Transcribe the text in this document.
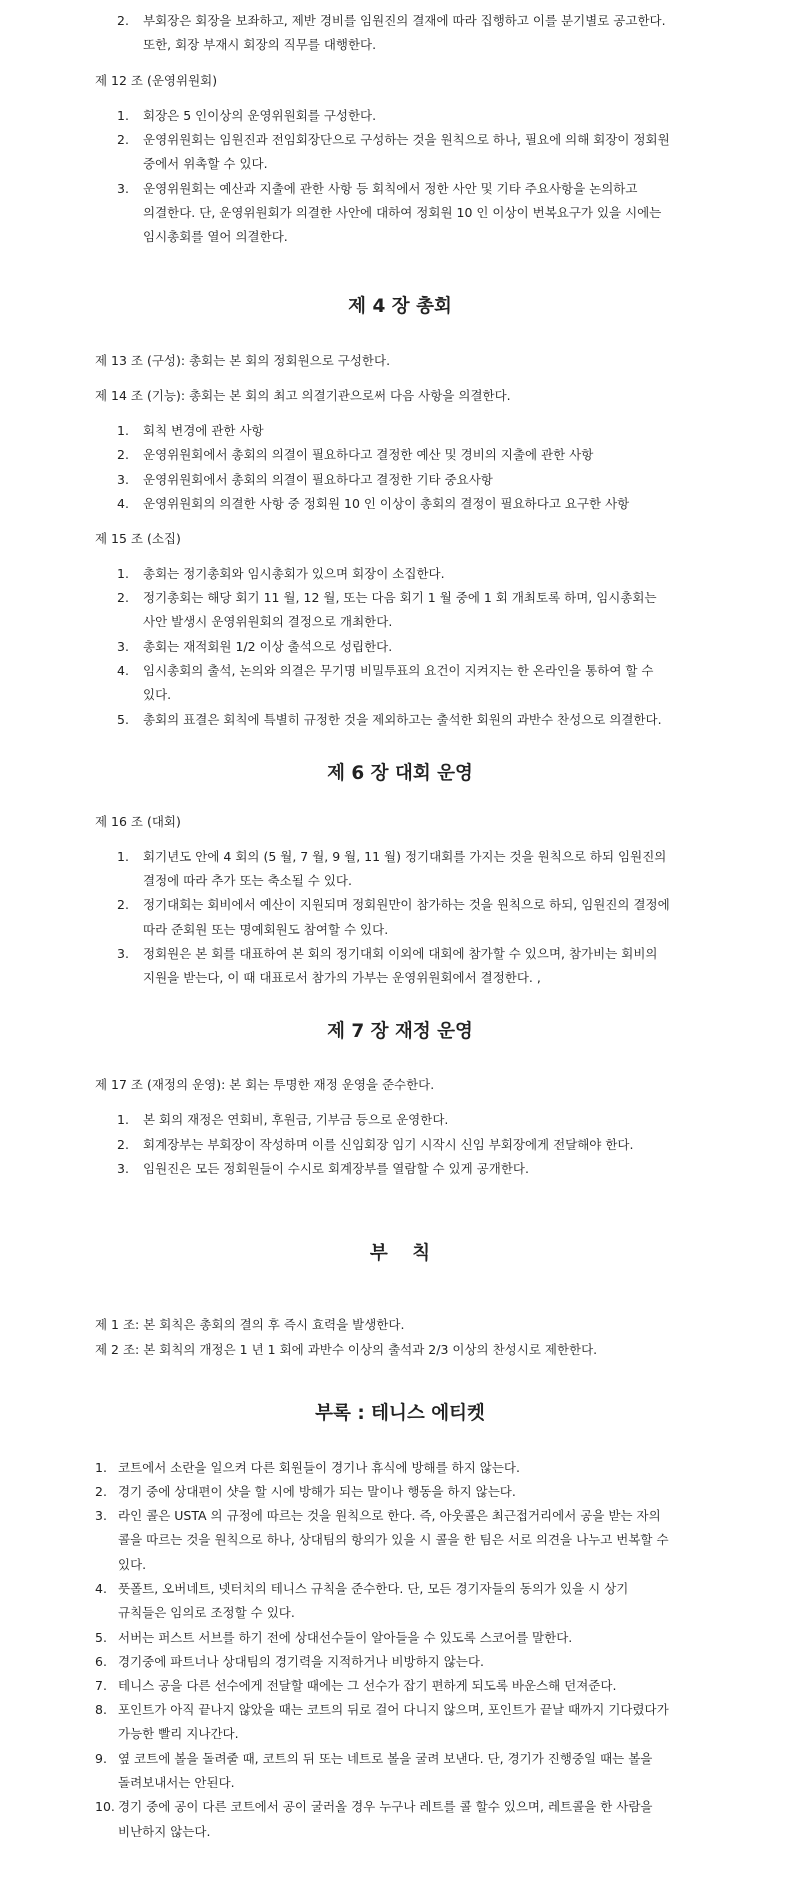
2. 부회장은 회장을 보좌하고, 제반 경비를 임원진의 결재에 따라 집행하고 이를 분기별로 공고한다.
또한, 회장 부재시 회장의 직무를 대행한다.
제 12 조 (운영위원회)
1. 회장은 5 인이상의 운영위원회를 구성한다.
2. 운영위원회는 임원진과 전임회장단으로 구성하는 것을 원칙으로 하나, 필요에 의해 회장이 정회원
중에서 위촉할 수 있다.
3. 운영위원회는 예산과 지출에 관한 사항 등 회칙에서 정한 사안 및 기타 주요사항을 논의하고
의결한다. 단, 운영위원회가 의결한 사안에 대하여 정회원 10 인 이상이 번복요구가 있을 시에는
임시총회를 열어 의결한다.
제 4 장 총회
제 13 조 (구성): 총회는 본 회의 정회원으로 구성한다.
제 14 조 (기능): 총회는 본 회의 최고 의결기관으로써 다음 사항을 의결한다.
1. 회칙 변경에 관한 사항
2. 운영위원회에서 총회의 의결이 필요하다고 결정한 예산 및 경비의 지출에 관한 사항
3. 운영위원회에서 총회의 의결이 필요하다고 결정한 기타 중요사항
4. 운영위원회의 의결한 사항 중 정회원 10 인 이상이 총회의 결정이 필요하다고 요구한 사항
제 15 조 (소집)
1. 총회는 정기총회와 임시총회가 있으며 회장이 소집한다.
2. 정기총회는 해당 회기 11 월, 12 월, 또는 다음 회기 1 월 중에 1 회 개최토록 하며, 임시총회는
사안 발생시 운영위원회의 결정으로 개최한다.
3. 총회는 재적회원 1/2 이상 출석으로 성립한다.
4. 임시총회의 출석, 논의와 의결은 무기명 비밀투표의 요건이 지켜지는 한 온라인을 통하여 할 수
있다.
5. 총회의 표결은 회칙에 특별히 규정한 것을 제외하고는 출석한 회원의 과반수 찬성으로 의결한다.
제 6 장 대회 운영
제 16 조 (대회)
1. 회기년도 안에 4 회의 (5 월, 7 월, 9 월, 11 월) 정기대회를 가지는 것을 원칙으로 하되 임원진의
결정에 따라 추가 또는 축소될 수 있다.
2. 정기대회는 회비에서 예산이 지원되며 정회원만이 참가하는 것을 원칙으로 하되, 임원진의 결정에
따라 준회원 또는 명예회원도 참여할 수 있다.
3. 정회원은 본 회를 대표하여 본 회의 정기대회 이외에 대회에 참가할 수 있으며, 참가비는 회비의
지원을 받는다, 이 때 대표로서 참가의 가부는 운영위원회에서 결정한다. ,
제 7 장 재정 운영
제 17 조 (재정의 운영): 본 회는 투명한 재정 운영을 준수한다.
1. 본 회의 재정은 연회비, 후원금, 기부금 등으로 운영한다.
2. 회계장부는 부회장이 작성하며 이를 신임회장 임기 시작시 신임 부회장에게 전달해야 한다.
3. 임원진은 모든 정회원들이 수시로 회계장부를 열람할 수 있게 공개한다.
부 칙
제 1 조: 본 회칙은 총회의 결의 후 즉시 효력을 발생한다.
제 2 조: 본 회칙의 개정은 1 년 1 회에 과반수 이상의 출석과 2/3 이상의 찬성시로 제한한다.
부록 : 테니스 에티켓
1. 코트에서 소란을 일으켜 다른 회원들이 경기나 휴식에 방해를 하지 않는다.
2. 경기 중에 상대편이 샷을 할 시에 방해가 되는 말이나 행동을 하지 않는다.
3. 라인 콜은 USTA 의 규정에 따르는 것을 원칙으로 한다. 즉, 아웃콜은 최근접거리에서 공을 받는 자의
콜을 따르는 것을 원칙으로 하나, 상대팀의 항의가 있을 시 콜을 한 팀은 서로 의견을 나누고 번복할 수
있다.
4. 풋폴트, 오버네트, 넷터치의 테니스 규칙을 준수한다. 단, 모든 경기자들의 동의가 있을 시 상기
규칙들은 임의로 조정할 수 있다.
5. 서버는 퍼스트 서브를 하기 전에 상대선수들이 알아들을 수 있도록 스코어를 말한다.
6. 경기중에 파트너나 상대팀의 경기력을 지적하거나 비방하지 않는다.
7. 테니스 공을 다른 선수에게 전달할 때에는 그 선수가 잡기 편하게 되도록 바운스해 던져준다.
8. 포인트가 아직 끝나지 않았을 때는 코트의 뒤로 걸어 다니지 않으며, 포인트가 끝날 때까지 기다렸다가
가능한 빨리 지나간다.
9. 옆 코트에 볼을 돌려줄 때, 코트의 뒤 또는 네트로 볼을 굴려 보낸다. 단, 경기가 진행중일 때는 볼을
돌려보내서는 안된다.
10. 경기 중에 공이 다른 코트에서 공이 굴러올 경우 누구나 레트를 콜 할수 있으며, 레트콜을 한 사람을
비난하지 않는다.
